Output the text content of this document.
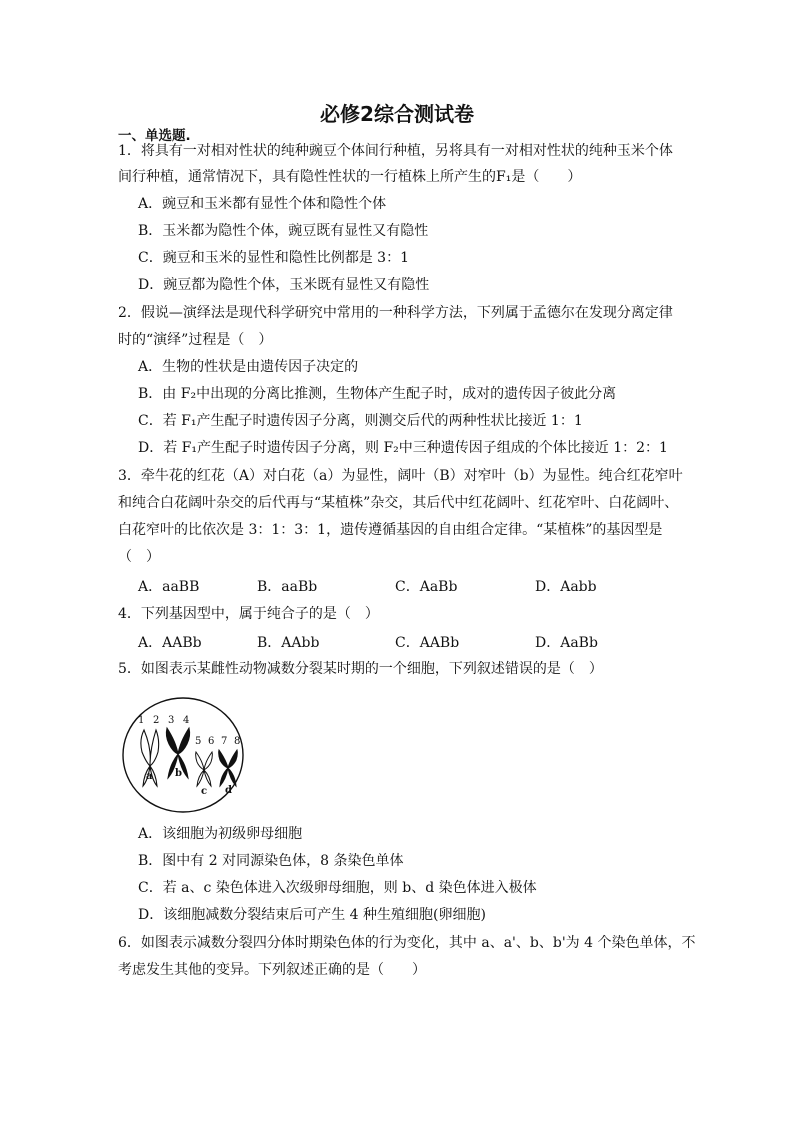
必修2综合测试卷
一、单选题.
1．将具有一对相对性状的纯种豌豆个体间行种植，另将具有一对相对性状的纯种玉米个体
间行种植，通常情况下，具有隐性性状的一行植株上所产生的F₁是（　　）
A．豌豆和玉米都有显性个体和隐性个体
B．玉米都为隐性个体，豌豆既有显性又有隐性
C．豌豆和玉米的显性和隐性比例都是 3：1
D．豌豆都为隐性个体，玉米既有显性又有隐性
2．假说—演绎法是现代科学研究中常用的一种科学方法，下列属于孟德尔在发现分离定律
时的“演绎”过程是（　）
A．生物的性状是由遗传因子决定的
B．由 F₂中出现的分离比推测，生物体产生配子时，成对的遗传因子彼此分离
C．若 F₁产生配子时遗传因子分离，则测交后代的两种性状比接近 1：1
D．若 F₁产生配子时遗传因子分离，则 F₂中三种遗传因子组成的个体比接近 1：2：1
3．牵牛花的红花（A）对白花（a）为显性，阔叶（B）对窄叶（b）为显性。纯合红花窄叶
和纯合白花阔叶杂交的后代再与“某植株”杂交，其后代中红花阔叶、红花窄叶、白花阔叶、
白花窄叶的比依次是 3：1：3：1，遗传遵循基因的自由组合定律。“某植株”的基因型是
（　）
A．aaBB	B．aaBb	C．AaBb	D．Aabb
4．下列基因型中，属于纯合子的是（　）
A．AABb	B．AAbb	C．AABb	D．AaBb
5．如图表示某雌性动物减数分裂某时期的一个细胞，下列叙述错误的是（　）
1 2 3 4
5 6 7 8
a b
c d
A．该细胞为初级卵母细胞
B．图中有 2 对同源染色体，8 条染色单体
C．若 a、c 染色体进入次级卵母细胞，则 b、d 染色体进入极体
D．该细胞减数分裂结束后可产生 4 种生殖细胞(卵细胞)
6．如图表示减数分裂四分体时期染色体的行为变化，其中 a、a'、b、b'为 4 个染色单体，不
考虑发生其他的变异。下列叙述正确的是（　　）
